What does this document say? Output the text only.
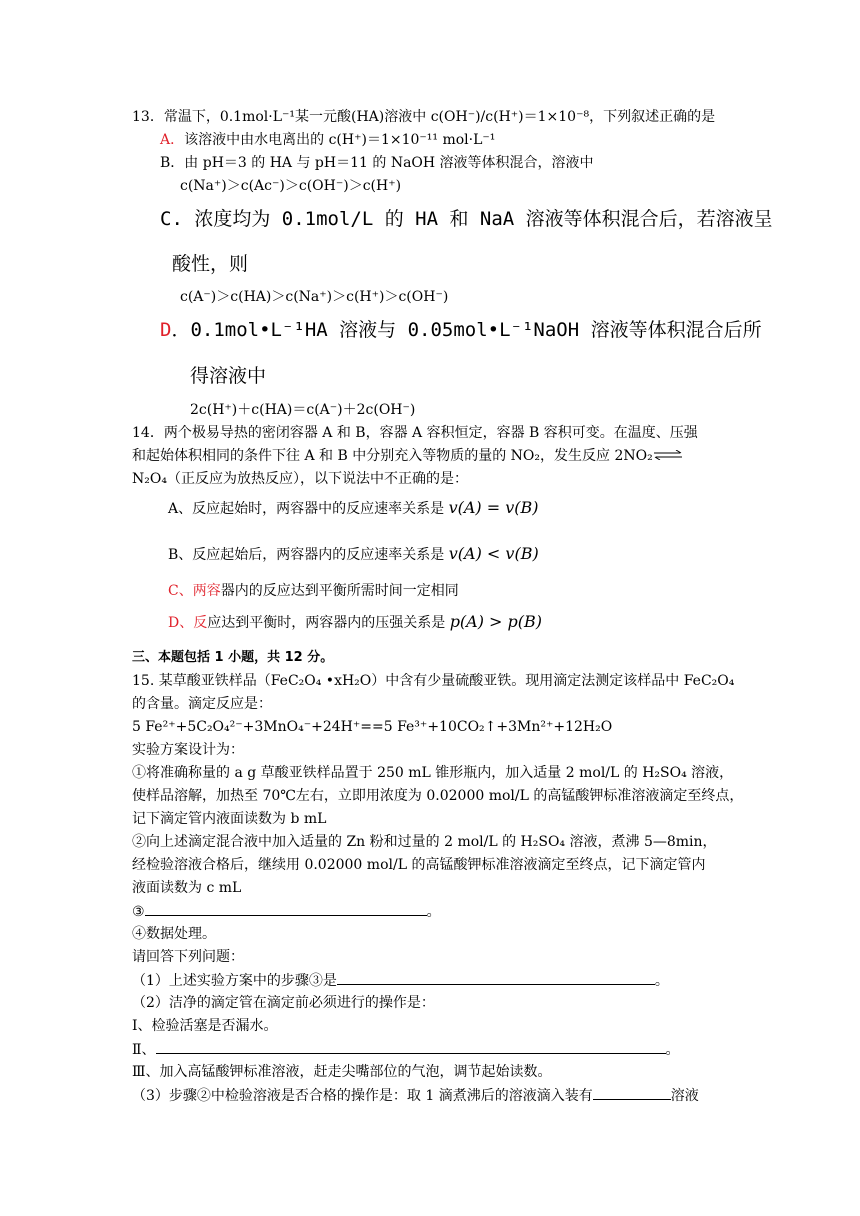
13．常温下，0.1mol·L⁻¹某一元酸(HA)溶液中 c(OH⁻)/c(H⁺)＝1×10⁻⁸，下列叙述正确的是
A．该溶液中由水电离出的 c(H⁺)＝1×10⁻¹¹ mol·L⁻¹
B．由 pH＝3 的 HA 与 pH＝11 的 NaOH 溶液等体积混合，溶液中
c(Na⁺)＞c(Ac⁻)＞c(OH⁻)＞c(H⁺)
C. 浓度均为 0.1mol/L 的 HA 和 NaA 溶液等体积混合后，若溶液呈
酸性，则
c(A⁻)＞c(HA)＞c(Na⁺)＞c(H⁺)＞c(OH⁻)
D．0.1mol•L⁻¹HA 溶液与 0.05mol•L⁻¹NaOH 溶液等体积混合后所
得溶液中
2c(H⁺)＋c(HA)＝c(A⁻)＋2c(OH⁻)
14．两个极易导热的密闭容器 A 和 B，容器 A 容积恒定，容器 B 容积可变。在温度、压强
和起始体积相同的条件下往 A 和 B 中分别充入等物质的量的 NO₂，发生反应 2NO₂⇌
N₂O₄（正反应为放热反应），以下说法中不正确的是：
A、反应起始时，两容器中的反应速率关系是 v(A) = v(B)
B、反应起始后，两容器内的反应速率关系是 v(A) < v(B)
C、两容器内的反应达到平衡所需时间一定相同
D、反应达到平衡时，两容器内的压强关系是 p(A) > p(B)
三、本题包括 1 小题，共 12 分。
15. 某草酸亚铁样品（FeC₂O₄ •xH₂O）中含有少量硫酸亚铁。现用滴定法测定该样品中 FeC₂O₄
的含量。滴定反应是：
5 Fe²⁺+5C₂O₄²⁻+3MnO₄⁻+24H⁺==5 Fe³⁺+10CO₂↑+3Mn²⁺+12H₂O
实验方案设计为：
①将准确称量的 a g 草酸亚铁样品置于 250 mL 锥形瓶内，加入适量 2 mol/L 的 H₂SO₄ 溶液，
使样品溶解，加热至 70℃左右，立即用浓度为 0.02000 mol/L 的高锰酸钾标准溶液滴定至终点，
记下滴定管内液面读数为 b mL
②向上述滴定混合液中加入适量的 Zn 粉和过量的 2 mol/L 的 H₂SO₄ 溶液，煮沸 5—8min，
经检验溶液合格后，继续用 0.02000 mol/L 的高锰酸钾标准溶液滴定至终点，记下滴定管内
液面读数为 c mL
③	。
④数据处理。
请回答下列问题：
（1）上述实验方案中的步骤③是	。
（2）洁净的滴定管在滴定前必须进行的操作是：
Ⅰ、检验活塞是否漏水。
Ⅱ、	。
Ⅲ、加入高锰酸钾标准溶液，赶走尖嘴部位的气泡，调节起始读数。
（3）步骤②中检验溶液是否合格的操作是：取 1 滴煮沸后的溶液滴入装有	溶液
